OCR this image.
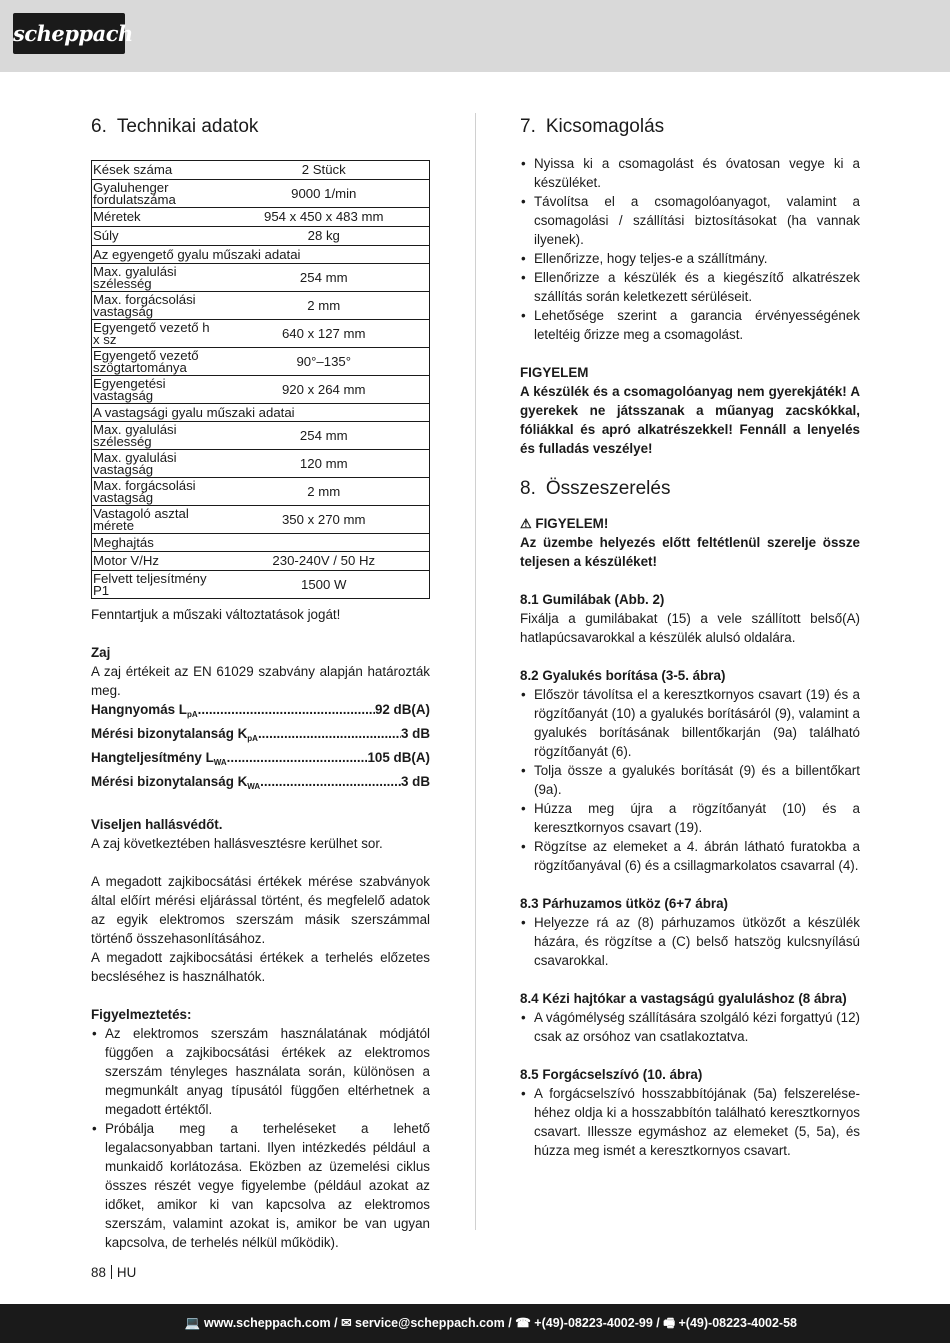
scheppach
6. Technikai adatok
Kések száma	2 Stück
Gyaluhenger fordulatszáma	9000 1/min
Méretek	954 x 450 x 483 mm
Súly	28 kg
Az egyengető gyalu műszaki adatai	
Max. gyalulási szélesség	254 mm
Max. forgácsolási vastagság	2 mm
Egyengető vezető h x sz	640 x 127 mm
Egyengető vezető szögtartománya	90°–135°
Egyengetési vastagság	920 x 264 mm
A vastagsági gyalu műszaki adatai	
Max. gyalulási szélesség	254 mm
Max. gyalulási vastagság	120 mm
Max. forgácsolási vastagság	2 mm
Vastagoló asztal mérete	350 x 270 mm
Meghajtás	
Motor V/Hz	230-240V / 50 Hz
Felvett teljesítmény P1	1500 W

Fenntartjuk a műszaki változtatások jogát!

Zaj

A zaj értékeit az EN 61029 szabvány alapján határozták meg.

Hangnyomás $L_{pA}$ .....	92 dB(A)
Mérési bizonytalanság $K_{pA}$ .....	3 dB
Hangteljesítmény $L_{WA}$ .....	105 dB(A)
Mérési bizonytalanság $K_{WA}$ .....	3 dB

Viseljen hallásvédőt.

A zaj következtében hallásvesztésre kerülhet sor.

A megadott zajkibocsátási értékek mérése szabványok által előírt mérési eljárással történt, és megfelelő adatok az egyik elektromos szerszám másik szerszámmal történő összehasonlításához.

A megadott zajkibocsátási értékek a terhelés előzetes becsléséhez is használhatók.

Figyelmeztetés:

• Az elektromos szerszám használatának módjától függően a zajkibocsátási értékek az elektromos szerszám tényleges használata során, különösen a megmunkált anyag típusától függően eltérhetnek a megadott értéktől.
• Próbálja meg a terheléseket a lehető legalacsonyabban tartani. Ilyen intézkedés például a munkaidő korlátozása. Eközben az üzemelési ciklus összes részét vegye figyelembe (például azokat az időket, amikor ki van kapcsolva az elektromos szerszám, valamint azokat is, amikor be van ugyan kapcsolva, de terhelés nélkül működik).
7. Kicsomagolás
• Nyissa ki a csomagolást és óvatosan vegye ki a készüléket.
• Távolítsa el a csomagolóanyagot, valamint a csomagolási / szállítási biztosításokat (ha vannak ilyenek).
• Ellenőrizze, hogy teljes-e a szállítmány.
• Ellenőrizze a készülék és a kiegészítő alkatrészek szállítás során keletkezett sérüléseit.
• Lehetősége szerint a garancia érvényességének leteltéig őrizze meg a csomagolást.

FIGYELEM

A készülék és a csomagolóanyag nem gyerekjáték! A gyerekek ne játsszanak a műanyag zacskókkal, fóliákkal és apró alkatrészekkel! Fennáll a lenyelés és fulladás veszélye!

8. Összeszerelés

⚠ FIGYELEM!

Az üzembe helyezés előtt feltétlenül szerelje össze teljesen a készüléket!

8.1 Gumilábak (Abb. 2)

Fixálja a gumilábakat (15) a vele szállított belső(A) hatlapúcsavarokkal a készülék alulsó oldalára.

8.2 Gyalukés borítása (3-5. ábra)

• Először távolítsa el a keresztkornyos csavart (19) és a rögzítőanyát (10) a gyalukés borításáról (9), valamint a gyalukés borításának billentőkarján (9a) található rögzítőanyát (6).
• Tolja össze a gyalukés borítását (9) és a billentőkart (9a).
• Húzza meg újra a rögzítőanyát (10) és a keresztkornyos csavart (19).
• Rögzítse az elemeket a 4. ábrán látható furatokba a rögzítőanyával (6) és a csillagmarkolatos csavarral (4).

8.3 Párhuzamos ütköz (6+7 ábra)

• Helyezze rá az (8) párhuzamos ütközőt a készülék házára, és rögzítse a (C) belső hatszög kulcsnyílású csavarokkal.

8.4 Kézi hajtókar a vastagságú gyaluláshoz (8 ábra)

• A vágómélység szállítására szolgáló kézi forgattyú (12) csak az orsóhoz van csatlakoztatva.

8.5 Forgácselszívó (10. ábra)

• A forgácselszívó hosszabbítójának (5a) felszerelésehéhez oldja ki a hosszabbítón található keresztkornyos csavart. Illessze egymáshoz az elemeket (5, 5a), és húzza meg ismét a keresztkornyos csavart.
88 HU
💻 www.scheppach.com / ✉ service@scheppach.com / ☎ +(49)-08223-4002-99 / 🖷 +(49)-08223-4002-58
